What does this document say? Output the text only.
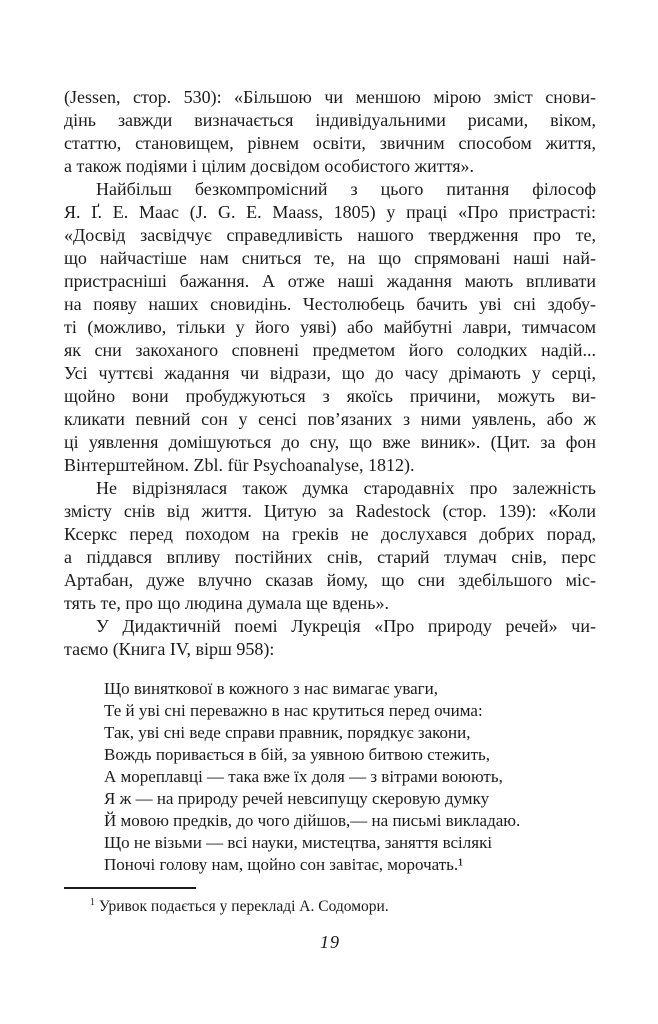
(Jessen, стор. 530): «Більшою чи меншою мірою зміст снови-
дінь завжди визначається індивідуальними рисами, віком,
статтю, становищем, рівнем освіти, звичним способом життя,
а також подіями і цілим досвідом особистого життя».
Найбільш безкомпромісний з цього питання філософ
Я. Ґ. Е. Маас (J. G. E. Maass, 1805) у праці «Про пристрасті:
«Досвід засвідчує справедливість нашого твердження про те,
що найчастіше нам сниться те, на що спрямовані наші най-
пристрасніші бажання. А отже наші жадання мають впливати
на появу наших сновидінь. Честолюбець бачить уві сні здобу-
ті (можливо, тільки у його уяві) або майбутні лаври, тимчасом
як сни закоханого сповнені предметом його солодких надій...
Усі чуттєві жадання чи відрази, що до часу дрімають у серці,
щойно вони пробуджуються з якоїсь причини, можуть ви-
кликати певний сон у сенсі пов’язаних з ними уявлень, або ж
ці уявлення домішуються до сну, що вже виник». (Цит. за фон
Вінтерштейном. Zbl. für Psychoanalyse, 1812).
Не відрізнялася також думка стародавніх про залежність
змісту снів від життя. Цитую за Radestock (стор. 139): «Коли
Ксеркс перед походом на греків не дослухався добрих порад,
а піддався впливу постійних снів, старий тлумач снів, перс
Артабан, дуже влучно сказав йому, що сни здебільшого міс-
тять те, про що людина думала ще вдень».
У Дидактичній поемі Лукреція «Про природу речей» чи-
таємо (Книга IV, вірш 958):
Що виняткової в кожного з нас вимагає уваги,
Те й уві сні переважно в нас крутиться перед очима:
Так, уві сні веде справи правник, порядкує закони,
Вождь поривається в бій, за уявною битвою стежить,
А мореплавці — така вже їх доля — з вітрами воюють,
Я ж — на природу речей невсипущу скеровую думку
Й мовою предків, до чого дійшов,— на письмі викладаю.
Що не візьми — всі науки, мистецтва, заняття всілякі
Поночі голову нам, щойно сон завітає, морочать.¹
$^1$ Уривок подається у перекладі А. Содомори.
19
